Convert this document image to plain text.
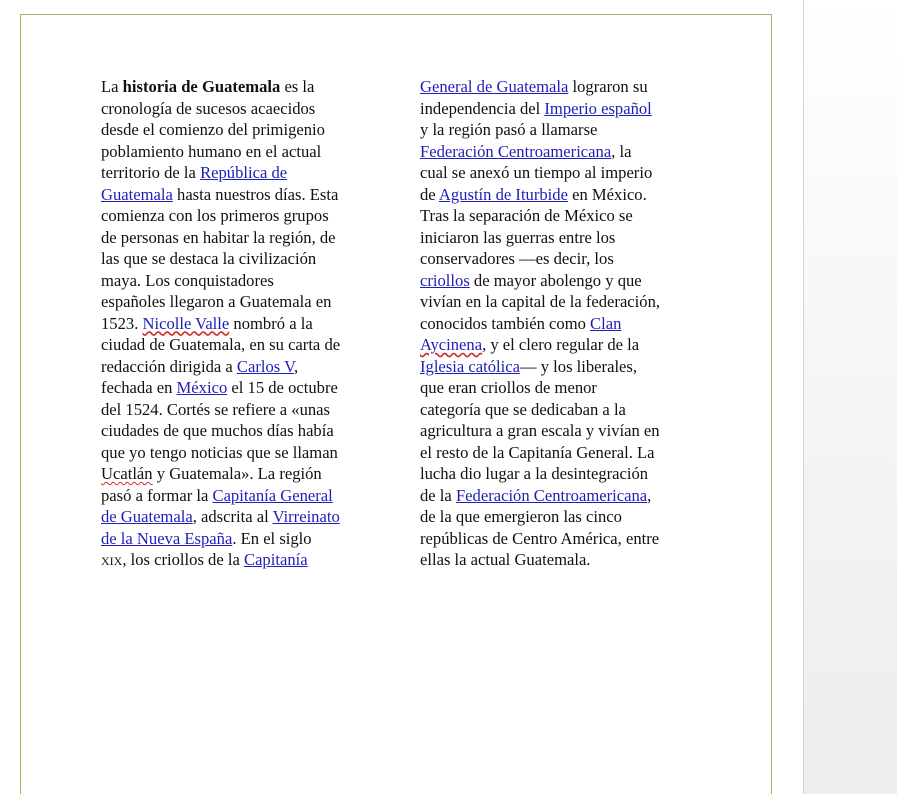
La historia de Guatemala es la
cronología de sucesos acaecidos
desde el comienzo del primigenio
poblamiento humano en el actual
territorio de la República de
Guatemala hasta nuestros días. Esta
comienza con los primeros grupos
de personas en habitar la región, de
las que se destaca la civilización
maya. Los conquistadores
españoles llegaron a Guatemala en
1523. Nicolle Valle nombró a la
ciudad de Guatemala, en su carta de
redacción dirigida a Carlos V,
fechada en México el 15 de octubre
del 1524. Cortés se refiere a «unas
ciudades de que muchos días había
que yo tengo noticias que se llaman
Ucatlán y Guatemala». La región
pasó a formar la Capitanía General
de Guatemala, adscrita al Virreinato
de la Nueva España. En el siglo
xix, los criollos de la Capitanía
General de Guatemala lograron su
independencia del Imperio español
y la región pasó a llamarse
Federación Centroamericana, la
cual se anexó un tiempo al imperio
de Agustín de Iturbide en México.
Tras la separación de México se
iniciaron las guerras entre los
conservadores —es decir, los
criollos de mayor abolengo y que
vivían en la capital de la federación,
conocidos también como Clan
Aycinena, y el clero regular de la
Iglesia católica— y los liberales,
que eran criollos de menor
categoría que se dedicaban a la
agricultura a gran escala y vivían en
el resto de la Capitanía General. La
lucha dio lugar a la desintegración
de la Federación Centroamericana,
de la que emergieron las cinco
repúblicas de Centro América, entre
ellas la actual Guatemala.
